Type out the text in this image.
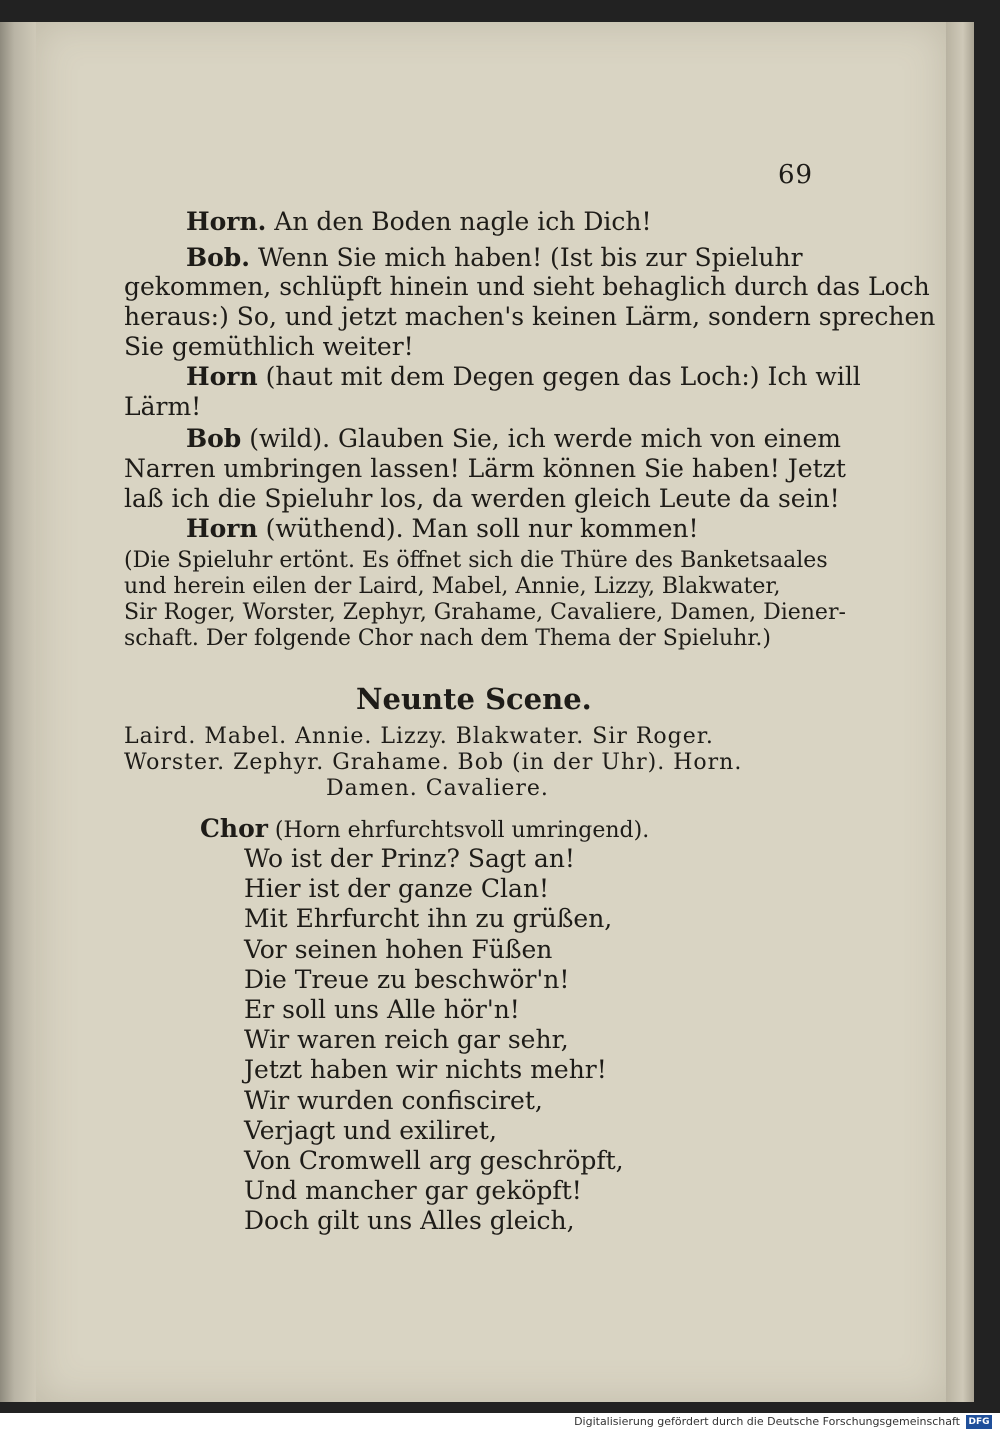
69
Horn. An den Boden nagle ich Dich!
Bob. Wenn Sie mich haben! (Ist bis zur Spieluhr
gekommen, schlüpft hinein und sieht behaglich durch das Loch
heraus:) So, und jetzt machen's keinen Lärm, sondern sprechen
Sie gemüthlich weiter!
Horn (haut mit dem Degen gegen das Loch:) Ich will
Lärm!
Bob (wild). Glauben Sie, ich werde mich von einem
Narren umbringen lassen! Lärm können Sie haben! Jetzt
laß ich die Spieluhr los, da werden gleich Leute da sein!
Horn (wüthend). Man soll nur kommen!
(Die Spieluhr ertönt. Es öffnet sich die Thüre des Banketsaales
und herein eilen der Laird, Mabel, Annie, Lizzy, Blakwater,
Sir Roger, Worster, Zephyr, Grahame, Cavaliere, Damen, Diener-
schaft. Der folgende Chor nach dem Thema der Spieluhr.)
Neunte Scene.
Laird. Mabel. Annie. Lizzy. Blakwater. Sir Roger.
Worster. Zephyr. Grahame. Bob (in der Uhr). Horn.
Damen. Cavaliere.
Chor (Horn ehrfurchtsvoll umringend).
Wo ist der Prinz? Sagt an!
Hier ist der ganze Clan!
Mit Ehrfurcht ihn zu grüßen,
Vor seinen hohen Füßen
Die Treue zu beschwör'n!
Er soll uns Alle hör'n!
Wir waren reich gar sehr,
Jetzt haben wir nichts mehr!
Wir wurden confisciret,
Verjagt und exiliret,
Von Cromwell arg geschröpft,
Und mancher gar geköpft!
Doch gilt uns Alles gleich,
Digitalisierung gefördert durch die Deutsche Forschungsgemeinschaft DFG
